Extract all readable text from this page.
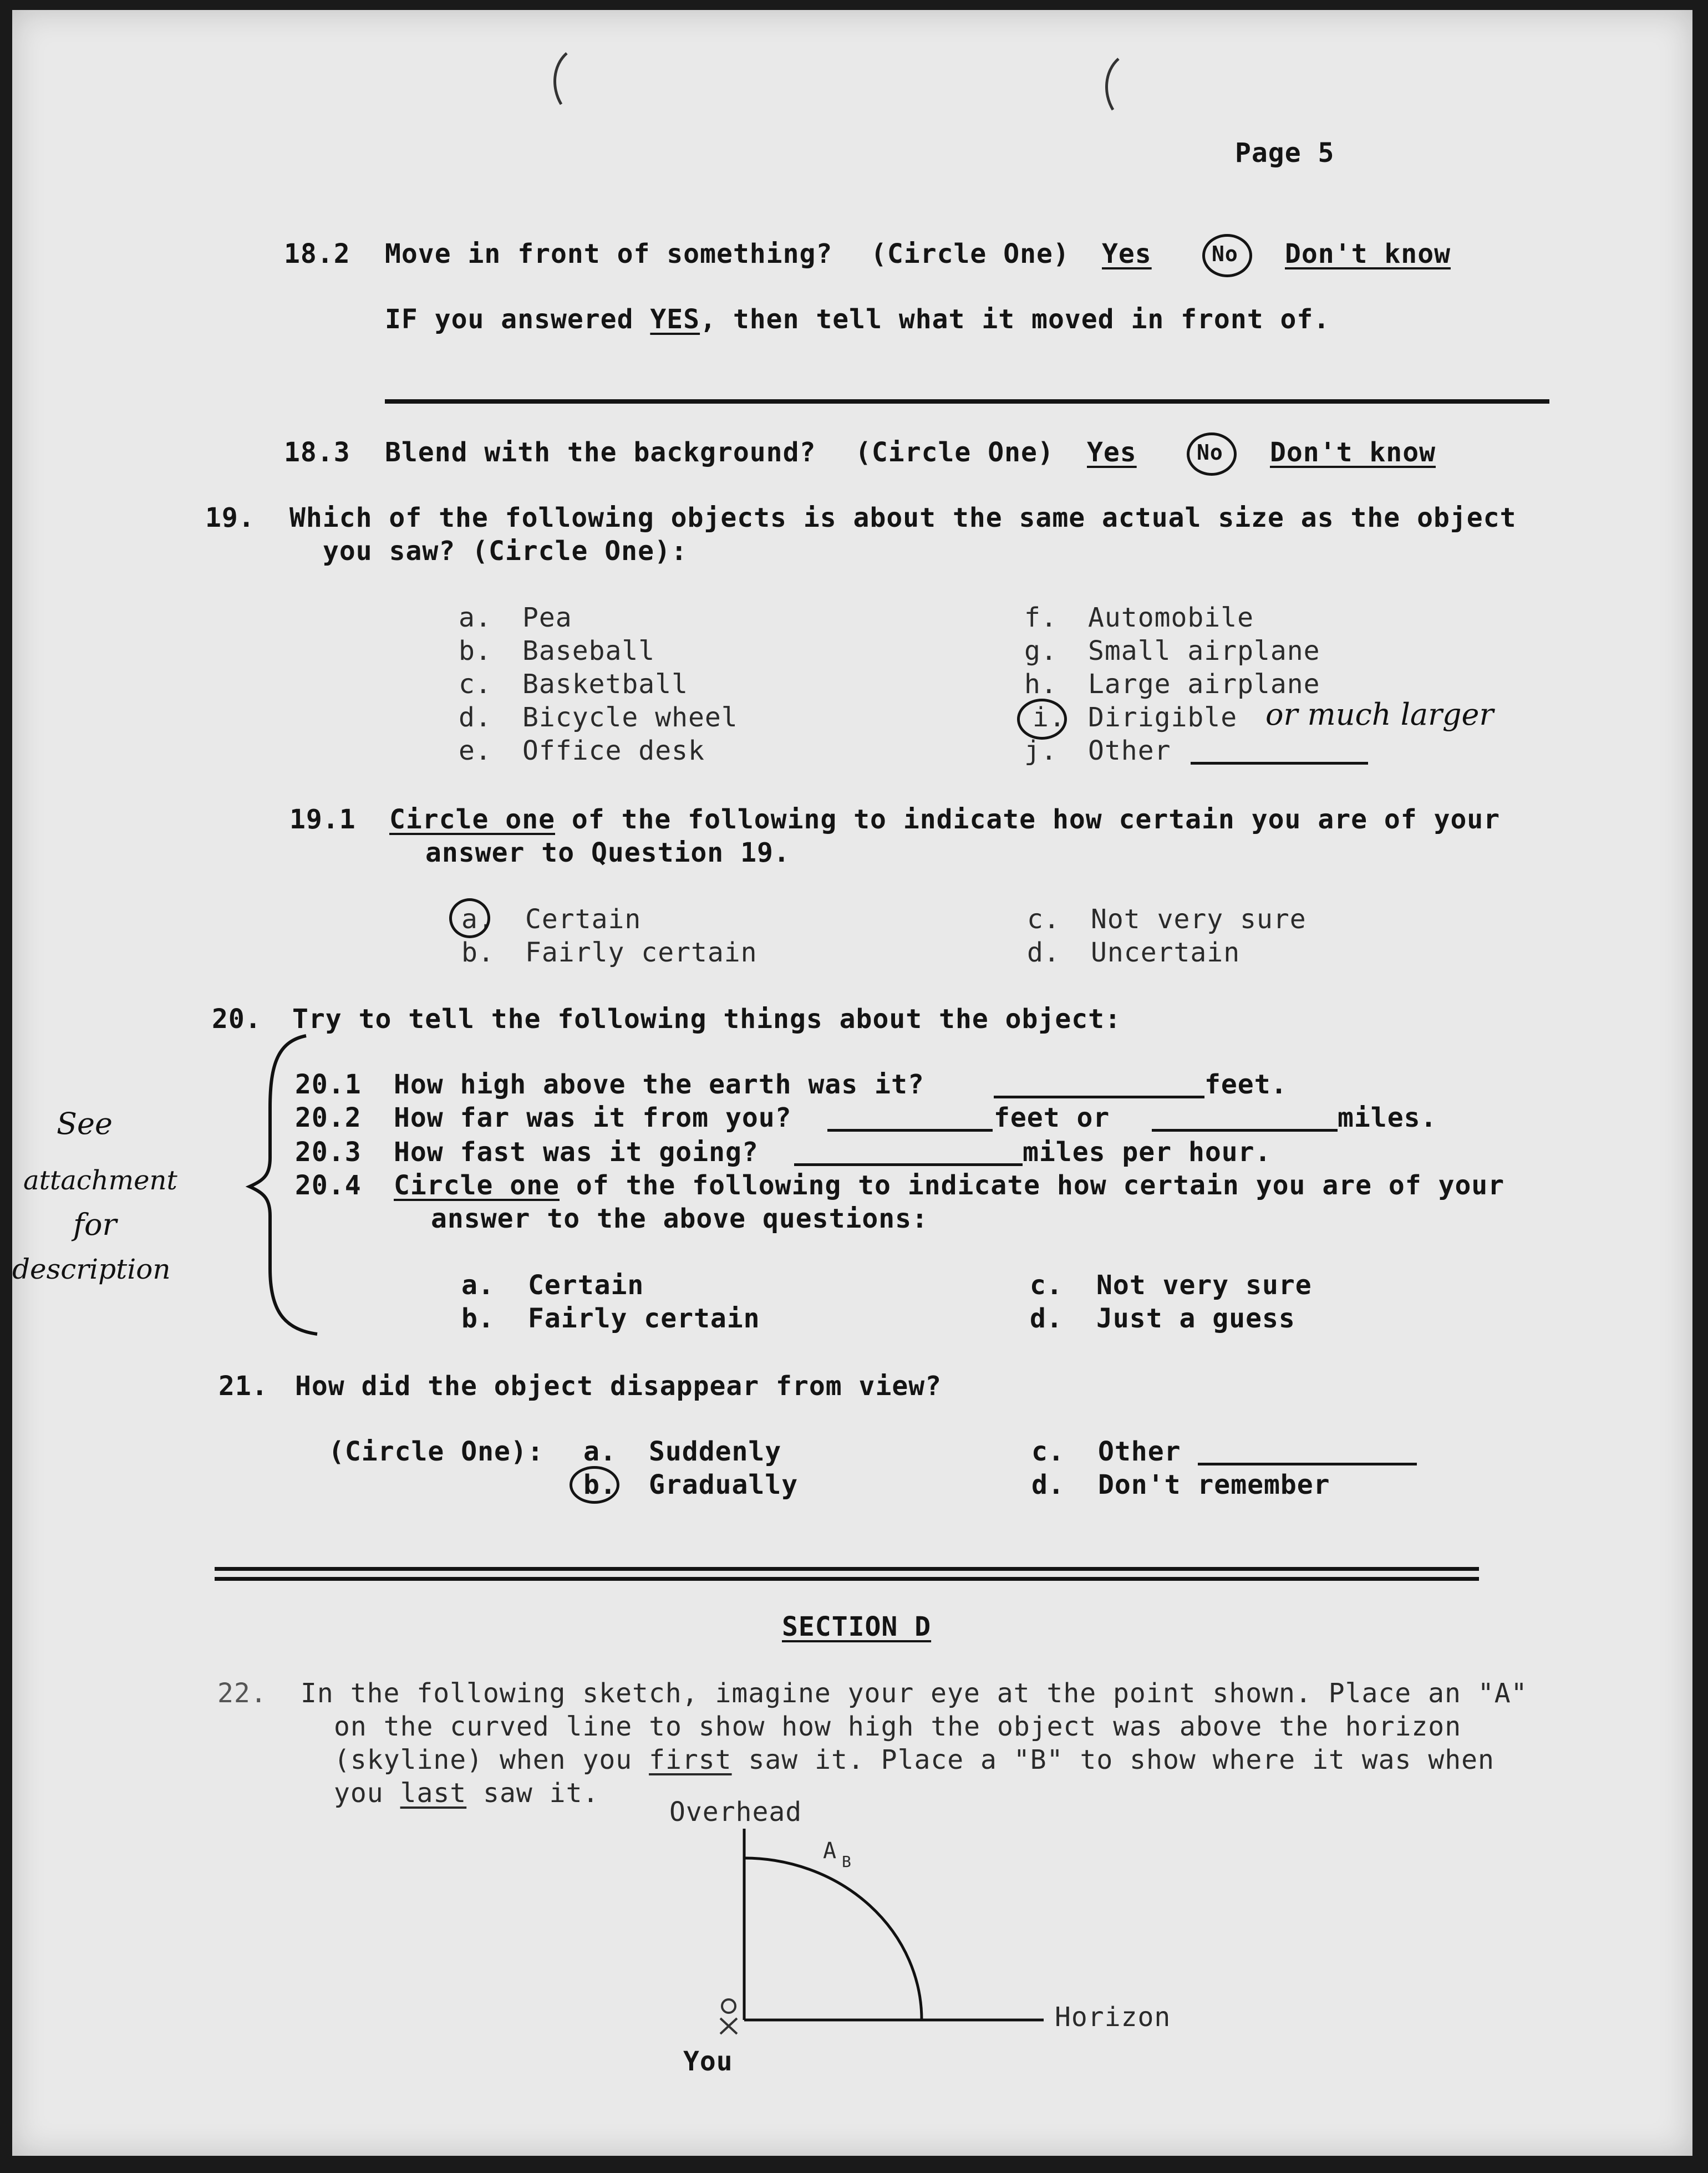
Page 5
18.2 Move in front of something? (Circle One) Yes	No Don't know
IF you answered YES, then tell what it moved in front of.
18.3 Blend with the background? (Circle One) Yes	No Don't know
19. Which of the following objects is about the same actual size as the object
you saw? (Circle One):
a. Pea
b. Baseball
c. Basketball
d. Bicycle wheel
e. Office desk
f. Automobile
g. Small airplane
h. Large airplane
i. Dirigible or much larger
j. Other
19.1 Circle one of the following to indicate how certain you are of your
answer to Question 19.
a. Certain
b. Fairly certain
c. Not very sure
d. Uncertain
20. Try to tell the following things about the object:
20.1 How high above the earth was it?	feet.
20.2 How far was it from you?	feet or	miles.
20.3 How fast was it going?	miles per hour.
20.4 Circle one of the following to indicate how certain you are of your
answer to the above questions:
a. Certain
b. Fairly certain
c. Not very sure
d. Just a guess
See
attachment
for
description
21. How did the object disappear from view?
(Circle One): a. Suddenly
b. Gradually
c. Other
d. Don't remember
SECTION D
22. In the following sketch, imagine your eye at the point shown. Place an "A"
on the curved line to show how high the object was above the horizon
(skyline) when you first saw it. Place a "B" to show where it was when
you last saw it.
Overhead
A B
Horizon
You
